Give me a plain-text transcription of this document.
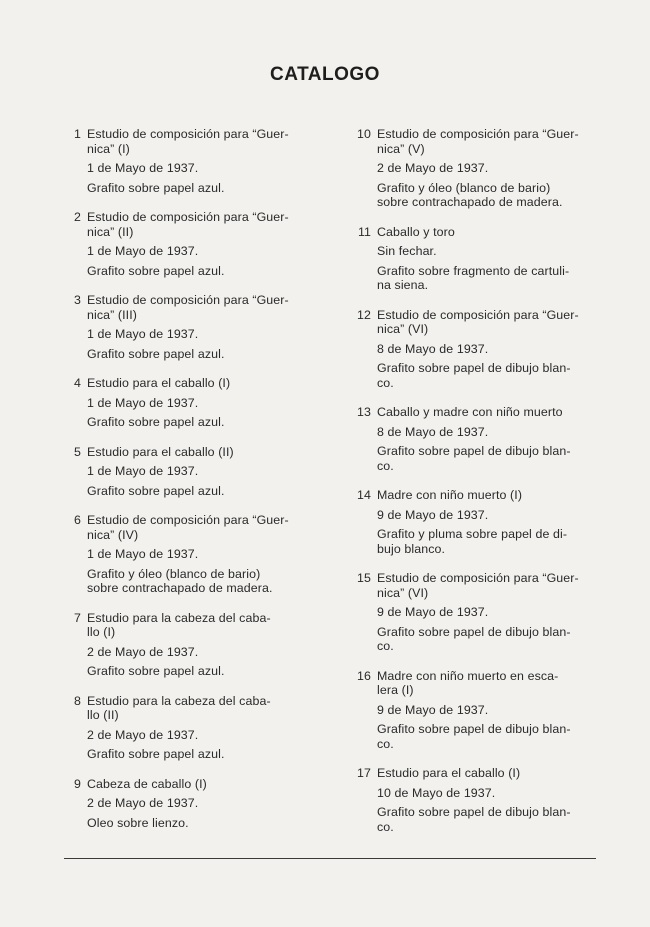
CATALOGO
1 Estudio de composición para “Guer-
nica” (I)
1 de Mayo de 1937.
Grafito sobre papel azul.
2 Estudio de composición para “Guer-
nica” (II)
1 de Mayo de 1937.
Grafito sobre papel azul.
3 Estudio de composición para “Guer-
nica” (III)
1 de Mayo de 1937.
Grafito sobre papel azul.
4 Estudio para el caballo (I)
1 de Mayo de 1937.
Grafito sobre papel azul.
5 Estudio para el caballo (II)
1 de Mayo de 1937.
Grafito sobre papel azul.
6 Estudio de composición para “Guer-
nica” (IV)
1 de Mayo de 1937.
Grafito y óleo (blanco de bario)
sobre contrachapado de madera.
7 Estudio para la cabeza del caba-
llo (I)
2 de Mayo de 1937.
Grafito sobre papel azul.
8 Estudio para la cabeza del caba-
llo (II)
2 de Mayo de 1937.
Grafito sobre papel azul.
9 Cabeza de caballo (I)
2 de Mayo de 1937.
Oleo sobre lienzo.
10 Estudio de composición para “Guer-
nica” (V)
2 de Mayo de 1937.
Grafito y óleo (blanco de bario)
sobre contrachapado de madera.
11 Caballo y toro
Sin fechar.
Grafito sobre fragmento de cartuli-
na siena.
12 Estudio de composición para “Guer-
nica” (VI)
8 de Mayo de 1937.
Grafito sobre papel de dibujo blan-
co.
13 Caballo y madre con niño muerto
8 de Mayo de 1937.
Grafito sobre papel de dibujo blan-
co.
14 Madre con niño muerto (I)
9 de Mayo de 1937.
Grafito y pluma sobre papel de di-
bujo blanco.
15 Estudio de composición para “Guer-
nica” (VI)
9 de Mayo de 1937.
Grafito sobre papel de dibujo blan-
co.
16 Madre con niño muerto en esca-
lera (I)
9 de Mayo de 1937.
Grafito sobre papel de dibujo blan-
co.
17 Estudio para el caballo (I)
10 de Mayo de 1937.
Grafito sobre papel de dibujo blan-
co.
